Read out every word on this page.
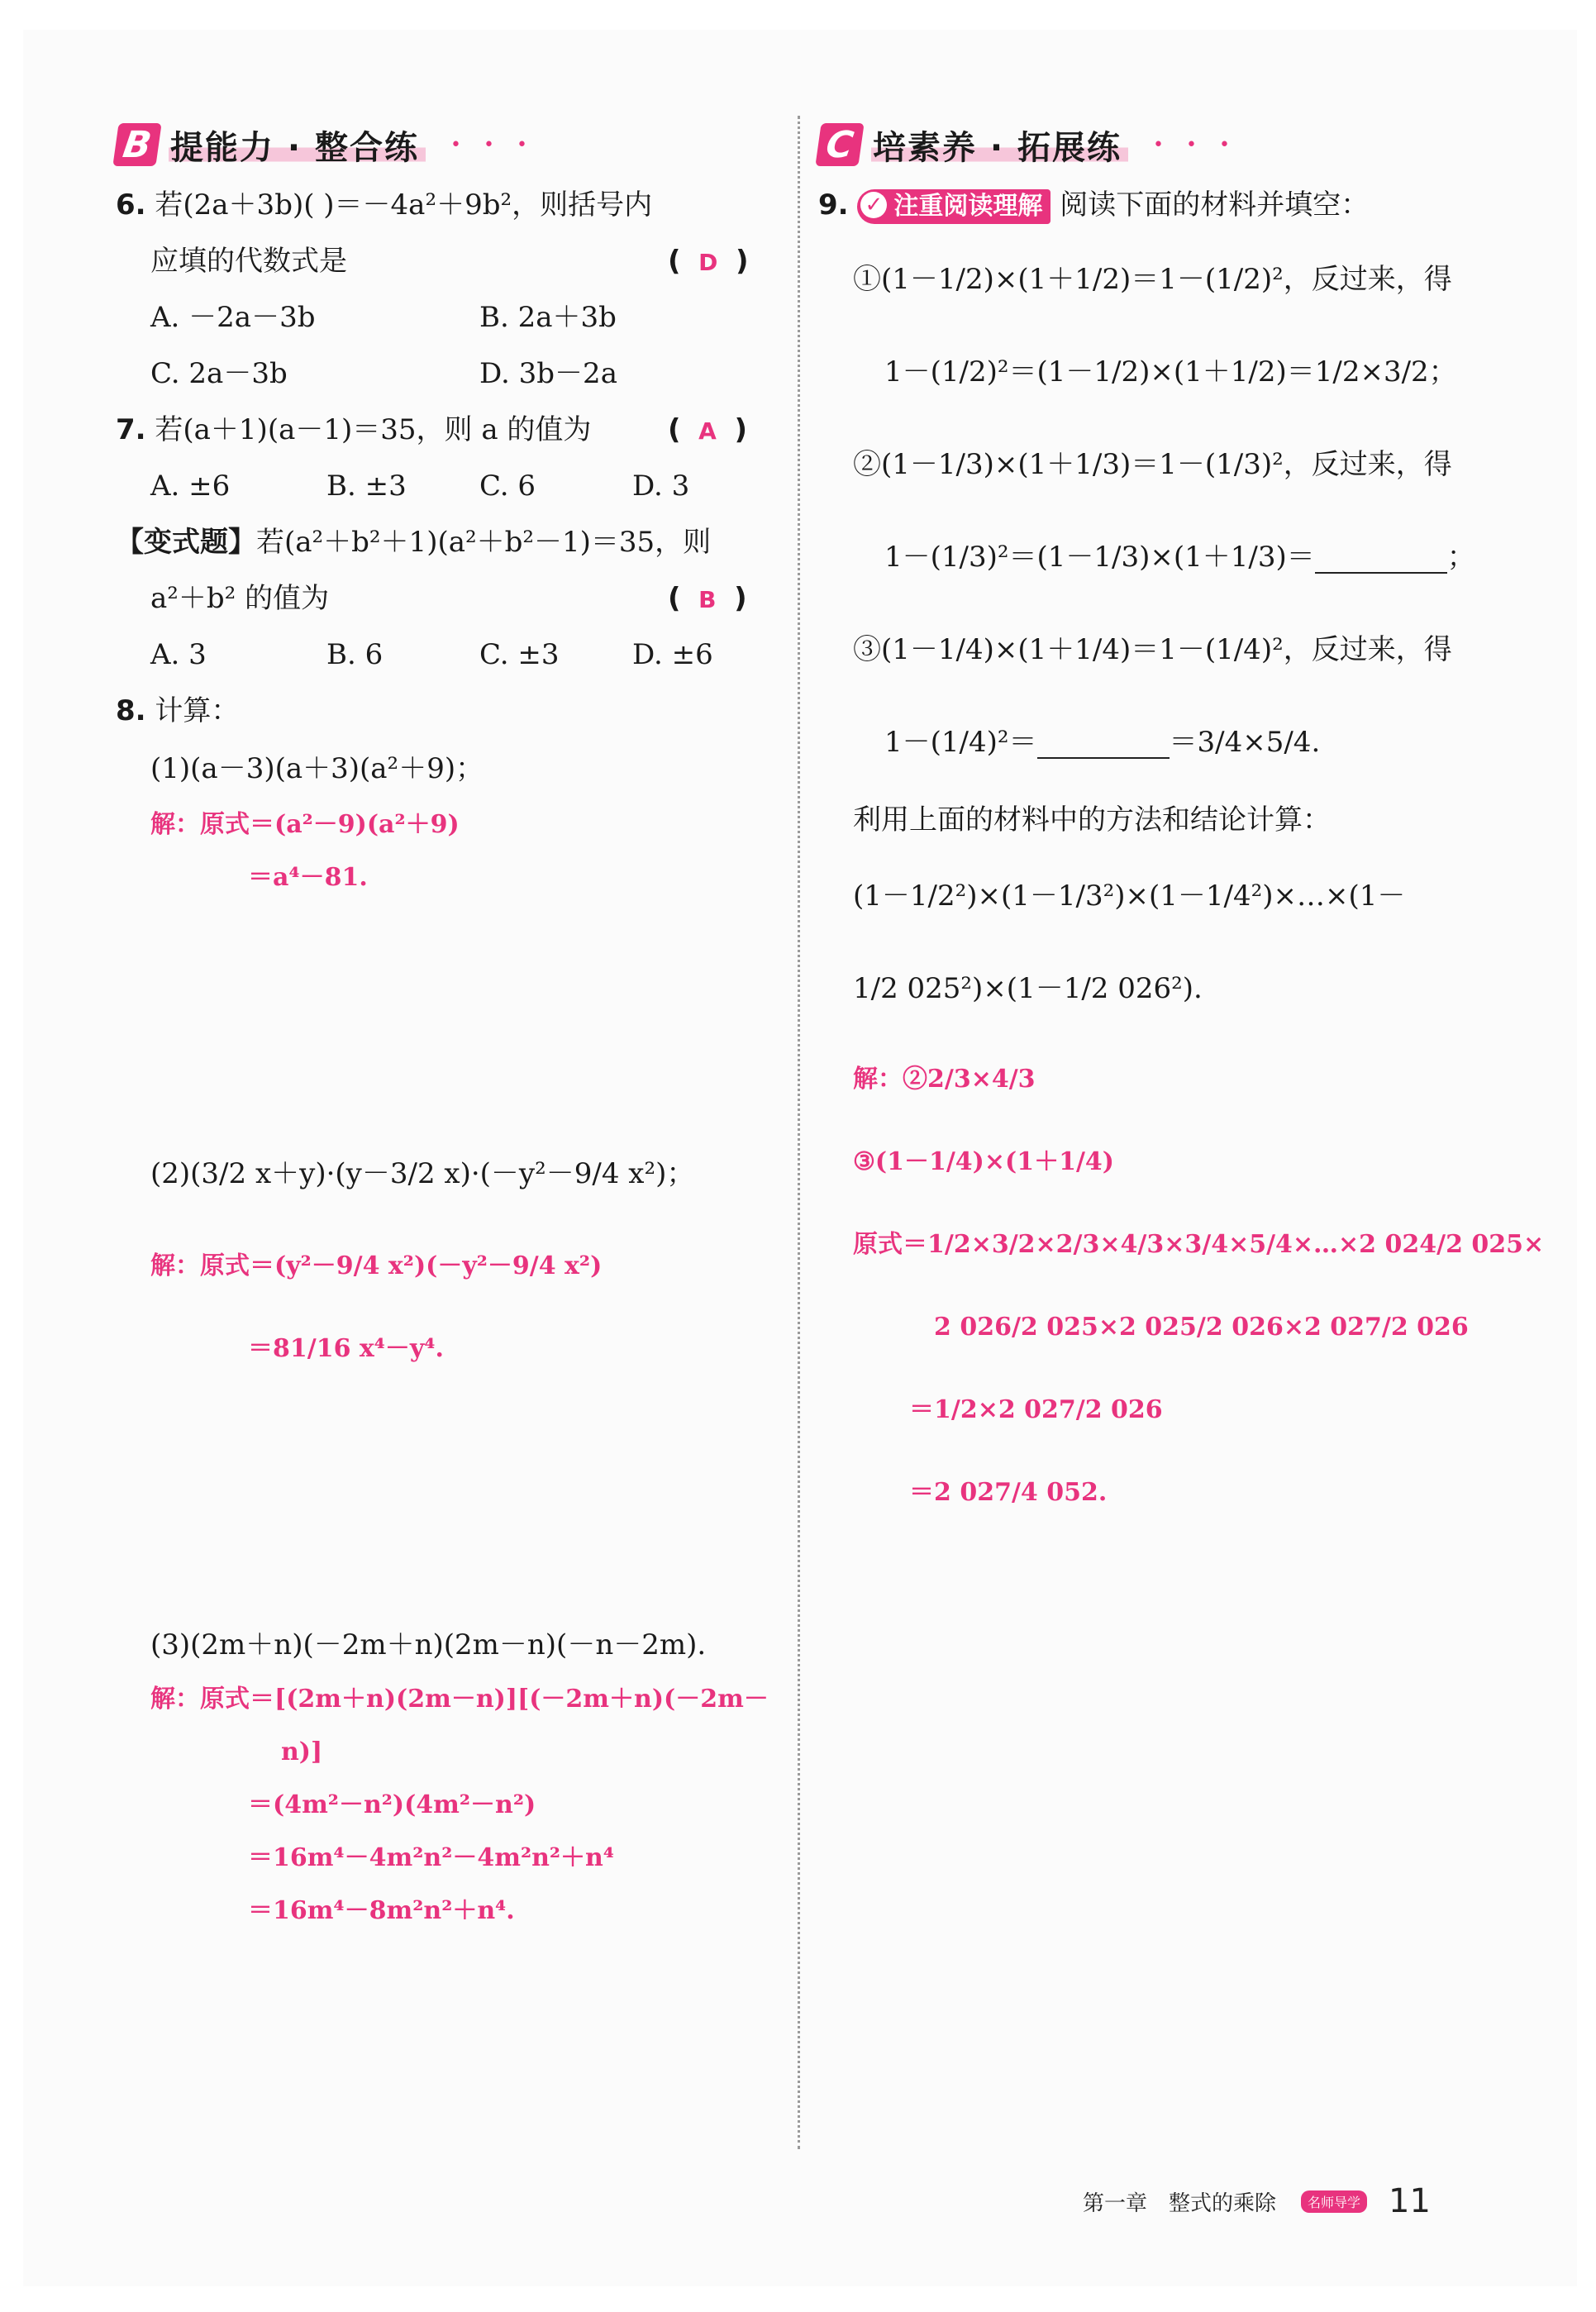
B 提能力 · 整合练	• • •
6. 若(2a＋3b)( )＝－4a²＋9b²，则括号内
应填的代数式是	( D )
A. －2a－3b	B. 2a＋3b
C. 2a－3b	D. 3b－2a
7. 若(a＋1)(a－1)＝35，则 a 的值为	( A )
A. ±6	B. ±3	C. 6	D. 3
【变式题】若(a²＋b²＋1)(a²＋b²－1)＝35，则
a²＋b² 的值为	( B )
A. 3	B. 6	C. ±3	D. ±6
8. 计算：
(1)(a－3)(a＋3)(a²＋9)；
解：原式＝(a²－9)(a²＋9)
＝a⁴－81.
(2)(3/2 x＋y)·(y－3/2 x)·(－y²－9/4 x²)；
解：原式＝(y²－9/4 x²)(－y²－9/4 x²)
＝81/16 x⁴－y⁴.
(3)(2m＋n)(－2m＋n)(2m－n)(－n－2m).
解：原式＝[(2m＋n)(2m－n)][(－2m＋n)(－2m－
n)]
＝(4m²－n²)(4m²－n²)
＝16m⁴－4m²n²－4m²n²＋n⁴
＝16m⁴－8m²n²＋n⁴.
C 培素养 · 拓展练	• • •
9. ✓ 注重阅读理解 阅读下面的材料并填空：
①(1－1/2)×(1＋1/2)＝1－(1/2)²，反过来，得
1－(1/2)²＝(1－1/2)×(1＋1/2)＝1/2×3/2；
②(1－1/3)×(1＋1/3)＝1－(1/3)²，反过来，得
1－(1/3)²＝(1－1/3)×(1＋1/3)＝	；
③(1－1/4)×(1＋1/4)＝1－(1/4)²，反过来，得
1－(1/4)²＝	＝3/4×5/4.
利用上面的材料中的方法和结论计算：
(1－1/2²)×(1－1/3²)×(1－1/4²)×…×(1－
1/2 025²)×(1－1/2 026²).
解：②2/3×4/3
③(1－1/4)×(1＋1/4)
原式＝1/2×3/2×2/3×4/3×3/4×5/4×…×2 024/2 025×
2 026/2 025×2 025/2 026×2 027/2 026
＝1/2×2 027/2 026
＝2 027/4 052.
第一章　整式的乘除	名师导学 11
